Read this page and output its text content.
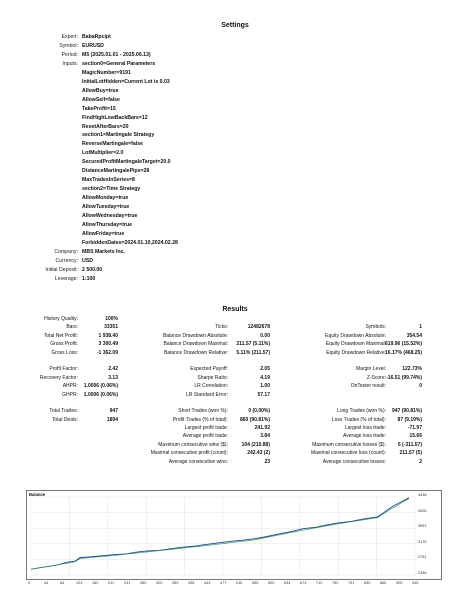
Settings
Expert: BabaRpcipt
Symbol: EURUSD
Period: M5 (2025.01.01 - 2025.06.13)
Inputs: section0=General Parameters
MagicNumber=9191
InitialLotHidden=Current Lot is 0.03
AllowBuy=true
AllowSell=false
TakeProfit=15
FindHighLowBackBars=12
ResetAfterBars=20
section1=Martingale Strategy
ReverseMartingale=false
LotMultiplier=2.0
SecuredProfitMartingaleTarget=20.0
DistanceMartingalePips=28
MaxTradesInSeries=8
section2=Time Strategy
AllowMonday=true
AllowTuesday=true
AllowWednesday=true
AllowThursday=true
AllowFriday=true
ForbiddenDates=2024.01.10,2024.02.28
Company: MBS Markets Inc.
Currency: USD
Initial Deposit: 2 500.00
Leverage: 1:100
Results
History Quality:	100%
Bars:	33351	Ticks:	12482678	Symbols:	1
Total Net Profit:	1 938.40	Balance Drawdown Absolute:	0.00	Equity Drawdown Absolute:	354.54
Gross Profit:	3 300.49	Balance Drawdown Maximal: 211.57 (5.11%)	Equity Drawdown Maximal: 619.96 (15.52%)
Gross Loss:	-1 362.09	Balance Drawdown Relative: 5.11% (211.57)	Equity Drawdown Relative: 16.17% (468.25)
Profit Factor:	2.42	Expected Payoff:	2.05	Margin Level:	122.73%
Recovery Factor:	3.13	Sharpe Ratio:	4.19	Z-Score: -16.51 (99.74%)
AHPR: 1.0006 (0.06%)	LR Correlation:	1.00	OnTester result:	0
GHPR: 1.0006 (0.06%)	LR Standard Error:	57.17
Total Trades:	947	Short Trades (won %):	0 (0.00%)	Long Trades (won %): 947 (90.81%)
Total Deals:	1894	Profit Trades (% of total): 860 (90.81%)	Loss Trades (% of total): 87 (9.19%)
Largest profit trade:	241.92	Largest loss trade:	-71.97
Average profit trade:	3.84	Average loss trade:	15.66
Maximum consecutive wins ($):	104 (210.88)	Maximum consecutive losses ($): 5 (-311.57)
Maximal consecutive profit (count):	242.43 (2)	Maximal consecutive loss (count):	211.57 (5)
Average consecutive wins:	23	Average consecutive losses:	2
Balance	4438
4006
3591
3176
2761
2346
0	44	84	123	162	211	241	280	320	359	398	443	477	516	555	600	634	673	712	752	791	830	866	905	945
